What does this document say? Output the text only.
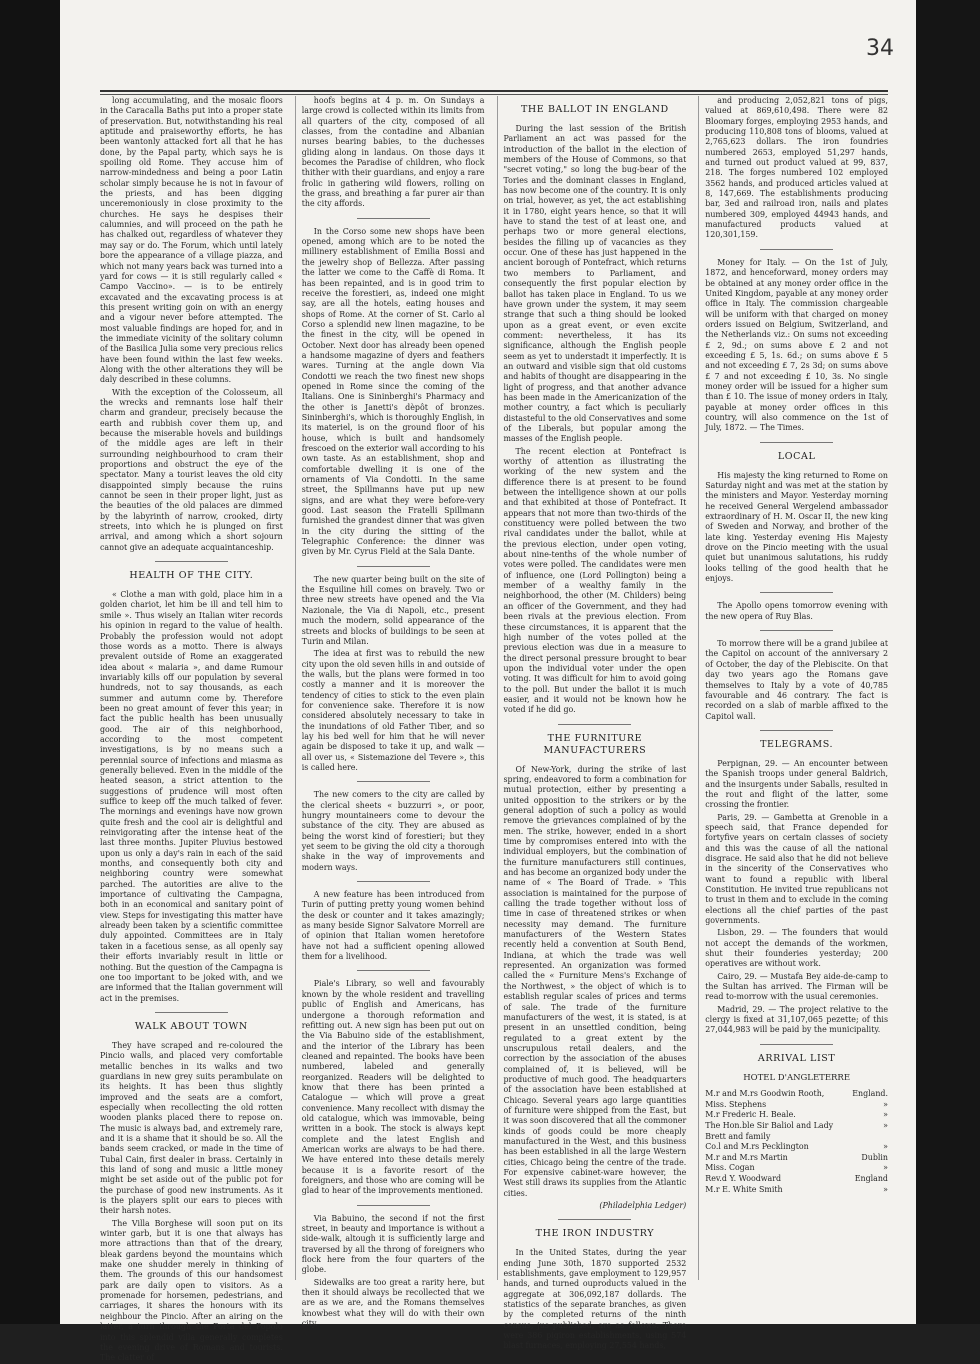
34

long accumulating, and the mosaic floors in the Caracalla Baths put into a proper state of preservation. But, notwithstanding his real aptitude and praiseworthy efforts, he has been wantonly attacked fort all that he has done, by the Papal party, which says he is spoiling old Rome. They accuse him of narrow-mindedness and being a poor Latin scholar simply because he is not in favour of the priests, and has been digging unceremoniously in close proximity to the churches. He says he despises their calumnies, and will proceed on the path he has chalked out, regardless of whatever they may say or do. The Forum, which until lately bore the appearance of a village piazza, and which not many years back was turned into a yard for cows — it is still regularly called « Campo Vaccino». — is to be entirely excavated and the excavating process is at this present writing goin on with an energy and a vigour never before attempted. The most valuable findings are hoped for, and in the immediate vicinity of the solitary column of the Basilica Julia some very precious relics have been found within the last few weeks. Along with the other alterations they will be daly described in these columns.

With the exception of the Colosseum, all the wrecks and remnants lose half their charm and grandeur, precisely because the earth and rubbish cover them up, and because the miserable hovels and buildings of the middle ages are left in their surrounding neighbourhood to cram their proportions and obstruct the eye of the spectator. Many a tourist leaves the old city disappointed simply because the ruins cannot be seen in their proper light, just as the beauties of the old palaces are dimmed by the labyrinth of narrow, crooked, dirty streets, into which he is plunged on first arrival, and among which a short sojourn cannot give an adequate acquaintanceship.

HEALTH OF THE CITY.

« Clothe a man with gold, place him in a golden chariot, let him be ill and tell him to smile ». Thus wisely an Italian witer records his opinion in regard to the value of health. Probably the profession would not adopt those words as a motto. There is always prevalent outside of Rome an exaggerated idea about « malaria », and dame Rumour invariably kills off our population by several hundreds, not to say thousands, as each summer and autumn come by. Therefore been no great amount of fever this year; in fact the public health has been unusually good. The air of this neighborhood, according to the most competent investigations, is by no means such a perennial source of infections and miasma as generally believed. Even in the middle of the heated season, a strict attention to the suggestions of prudence will most often suffice to keep off the much talked of fever. The mornings and evenings have now grown quite fresh and the cool air is delightful and reinvigorating after the intense heat of the last three months. Jupiter Pluvius bestowed upon us only a day's rain in each of the said months, and consequently both city and neighboring country were somewhat parched. The autorities are alive to the importance of cultivating the Campagna, both in an economical and sanitary point of view. Steps for investigating this matter have already been taken by a scientific committee duly appointed. Committees are in Italy taken in a facetious sense, as all openly say their efforts invariably result in little or nothing. But the question of the Campagna is one too important to be joked with, and we are informed that the Italian government will act in the premises.

WALK ABOUT TOWN

They have scraped and re-coloured the Pincio walls, and placed very comfortable metallic benches in its walks and two guardians in new grey suits perambulate on its heights. It has been thus slightly improved and the seats are a comfort, especially when recollecting the old rotten wooden planks placed there to repose on. The music is always bad, and extremely rare, and it is a shame that it should be so. All the bands seem cracked, or made in the time of Tubal Cain, first dealer in brass. Certainly in this land of song and music a little money might be set aside out of the public pot for the purchase of good new instruments. As it is the players split our ears to pieces with their harsh notes.

The Villa Borghese will soon put on its winter garb, but it is one that always has more attractions than that of the dreary, bleak gardens beyond the mountains which make one shudder merely in thinking of them. The grounds of this our handsomest park are daily open to visitors. As a promenade for horsemen, pedestrians, and carriages, it shares the honours with its neighbour the Pincio. After an airing on the latter, a turn through the Porta del Popolo into this splendid villa generally completes the evening drive of Romans and tourists. The clatter of

hoofs begins at 4 p. m. On Sundays a large crowd is collected within its limits from all quarters of the city, composed of all classes, from the contadine and Albanian nurses bearing babies, to the duchesses gliding along in landaus. On those days it becomes the Paradise of children, who flock thither with their guardians, and enjoy a rare frolic in gathering wild flowers, rolling on the grass, and breathing a far purer air than the city affords.

In the Corso some new shops have been opened, among which are to be noted the millinery establishment of Emilia Bossi and the jewelry shop of Bellezza. After passing the latter we come to the Caffè di Roma. It has been repainted, and is in good trim to receive the forestieri, as, indeed one might say, are all the hotels, eating houses and shops of Rome. At the corner of St. Carlo al Corso a splendid new linen magazine, to be the finest in the city, will be opened in October. Next door has already been opened a handsome magazine of dyers and feathers wares. Turning at the angle down Via Condotti we reach the two finest new shops opened in Rome since the coming of the Italians. One is Sininberghi's Pharmacy and the other is Janetti's dèpôt of bronzes. Sininberghi's, which is thoroughly English, in its materiel, is on the ground floor of his house, which is built and handsomely frescoed on the exterior wall according to his own taste. As an establishment, shop and comfortable dwelling it is one of the ornaments of Via Condotti. In the same street, the Spillmanns have put up new signs, and are what they were before-very good. Last season the Fratelli Spillmann furnished the grandest dinner that was given in the city during the sitting of the Telegraphic Conference: the dinner was given by Mr. Cyrus Field at the Sala Dante.

The new quarter being built on the site of the Esquiline hill comes on bravely. Two or three new streets have opened and the Via Nazionale, the Via di Napoli, etc., present much the modern, solid appearance of the streets and blocks of buildings to be seen at Turin and Milan.

The idea at first was to rebuild the new city upon the old seven hills in and outside of the walls, but the plans were formed in too costly a manner and it is moreover the tendency of cities to stick to the even plain for convenience sake. Therefore it is now considered absolutely necessary to take in the inundations of old Father Tiber, and so lay his bed well for him that he will never again be disposed to take it up, and walk — all over us, « Sistemazione del Tevere », this is called here.

The new comers to the city are called by the clerical sheets « buzzurri », or poor, hungry mountaineers come to devour the substance of the city. They are abused as being the worst kind of forestieri; but they yet seem to be giving the old city a thorough shake in the way of improvements and modern ways.

A new feature has been introduced from Turin of putting pretty young women behind the desk or counter and it takes amazingly; as many beside Signor Salvatore Morrell are of opinion that Italian women heretofore have not had a sufficient opening allowed them for a livelihood.

Piale's Library, so well and favourably known by the whole resident and travelling public of English and Americans, has undergone a thorough reformation and refitting out. A new sign has been put out on the Via Babuino side of the establishment, and the interior of the Library has been cleaned and repainted. The books have been numbered, labeled and generally reorganized. Readers will be delighted to know that there has been printed a Catalogue — which will prove a great convenience. Many recollect with dismay the old catalogue, which was immovable, being written in a book. The stock is always kept complete and the latest English and American works are always to be had there. We have entered into these details merely because it is a favorite resort of the foreigners, and those who are coming will be glad to hear of the improvements mentioned.

Via Babuino, the second if not the first street, in beauty and importance is without a side-walk, altough it is sufficiently large and traversed by all the throng of foreigners who flock here from the four quarters of the globe.

Sidewalks are too great a rarity here, but then it should always be recollected that we are as we are, and the Romans themselves knowbest what they will do with their own city.

THE BALLOT IN ENGLAND

During the last session of the British Parliament an act was passed for the introduction of the ballot in the election of members of the House of Commons, so that "secret voting," so long the bug-bear of the Tories and the dominant classes in England, has now become one of the country. It is only on trial, however, as yet, the act establishing it in 1780, eight years hence, so that it will have to stand the test of at least one, and perhaps two or more general elections, besides the filling up of vacancies as they occur. One of these has just happened in the ancient borough of Pontefract, which returns two members to Parliament, and consequently the first popular election by ballot has taken place in England. To us we have grown under the system, it may seem strange that such a thing should be looked upon as a great event, or even excite comment: nevertheless, it has its significance, although the English people seem as yet to understadt it imperfectly. It is an outward and visible sign that old customs and habits of thought are disappearing in the light of progress, and that another advance has been made in the Americanization of the mother country, a fact which is peculiarly distasteful to the old Conservatives and some of the Liberals, but popular among the masses of the English people.

The recent election at Pontefract is worthy of attention as illustrating the working of the new system and the difference there is at present to be found between the intelligence shown at our polls and that exhibited at those of Pontefract. It appears that not more than two-thirds of the constituency were polled between the two rival candidates under the ballot, while at the previous election, under open voting, about nine-tenths of the whole number of votes were polled. The candidates were men of influence, one (Lord Pollington) being a member of a wealthy family in the neighborhood, the other (M. Childers) being an officer of the Government, and they had been rivals at the previous election. From these circumstances, it is apparent that the high number of the votes polled at the previous election was due in a measure to the direct personal pressure brought to bear upon the individual voter under the open voting. It was difficult for him to avoid going to the poll. But under the ballot it is much easier, and it would not be known how he voted if he did go.

THE FURNITURE MANUFACTURERS

Of New-York, during the strike of last spring, endeavored to form a combination for mutual protection, either by presenting a united opposition to the strikers or by the general adoption of such a policy as would remove the grievances complained of by the men. The strike, however, ended in a short time by compromises entered into with the individual employers, but the combination of the furniture manufacturers still continues, and has become an organized body under the name of « The Board of Trade. » This association is maintained for the purpose of calling the trade together without loss of time in case of threatened strikes or when necessity may demand. The furniture manufacturers of the Western States recently held a convention at South Bend, Indiana, at which the trade was well represented. An organization was formed called the « Furniture Mens's Exchange of the Northwest, » the object of which is to establish regular scales of prices and terms of sale. The trade of the furniture manufacturers of the west, it is stated, is at present in an unsettled condition, being regulated to a great extent by the unscrupulous retail dealers, and the correction by the association of the abuses complained of, it is believed, will be productive of much good. The headquarters of the association have been established at Chicago. Several years ago large quantities of furniture were shipped from the East, but it was soon discovered that all the commoner kinds of goods could be more cheaply manufactured in the West, and this business has been established in all the large Western cities, Chicago being the centre of the trade. For expensive cabinet-ware however, the West still draws its supplies from the Atlantic cities.

(Philadelphia Ledger)
THE IRON INDUSTRY

In the United States, during the year ending June 30th, 1870 supported 2532 establishments, gave employment to 129,957 hands, and turned ouproducts valued in the aggregate at 306,092,187 dollards. The statistics of the separate branches, as given by the completed returns of the ninth census, jus published, are as follows. There were 386 pigiron establishments, using 574 blast furnaces, employing 27,554 hands,

and producing 2,052,821 tons of pigs, valued at 869,610,498. There were 82 Bloomary forges, employing 2953 hands, and producing 110,808 tons of blooms, valued at 2,765,623 dollars. The iron foundries numbered 2653, employed 51,297 hands, and turned out product valued at 99, 837, 218. The forges numbered 102 employed 3562 hands, and produced articles valued at 8, 147,669. The establishments producing bar, 3ed and railroad iron, nails and plates numbered 309, employed 44943 hands, and manufactured products valued at 120,301,159.

Money for Italy. — On the 1st of July, 1872, and henceforward, money orders may be obtained at any money order office in the United Kingdom, payable at any money order office in Italy. The commission chargeable will be uniform with that charged on money orders issued on Belgium, Switzerland, and the Netherlands viz.: On sums not exceeding £ 2, 9d.; on sums above £ 2 and not exceeding £ 5, 1s. 6d.; on sums above £ 5 and not exceeding £ 7, 2s 3d; on sums above £ 7 and not exceeding £ 10, 3s. No single money order will be issued for a higher sum than £ 10. The issue of money orders in Italy, payable at money order offices in this country, will also commence on the 1st of July, 1872. — The Times.

LOCAL

His majesty the king returned to Rome on Saturday night and was met at the station by the ministers and Mayor. Yesterday morning he received General Wergelend ambassador extraordinary of H. M. Oscar II, the new king of Sweden and Norway, and brother of the late king. Yesterday evening His Majesty drove on the Pincio meeting with the usual quiet but unanimous salutations, his ruddy looks telling of the good health that he enjoys.

The Apollo opens tomorrow evening with the new opera of Ruy Blas.

To morrow there will be a grand jubilee at the Capitol on account of the anniversary 2 of October, the day of the Plebiscite. On that day two years ago the Romans gave themselves to Italy by a vote of 40,785 favourable and 46 contrary. The fact is recorded on a slab of marble affixed to the Capitol wall.

TELEGRAMS.

Perpignan, 29. — An encounter between the Spanish troops under general Baldrich, and the insurgents under Saballs, resulted in the rout and flight of the latter, some crossing the frontier.

Paris, 29. — Gambetta at Grenoble in a speech said, that France depended for fortyfive years on certain classes of society and this was the cause of all the national disgrace. He said also that he did not believe in the sincerity of the Conservatives who want to found a republic with liberal Constitution. He invited true republicans not to trust in them and to exclude in the coming elections all the chief parties of the past governments.

Lisbon, 29. — The founders that would not accept the demands of the workmen, shut their founderies yesterday; 200 operatives are without work.

Cairo, 29. — Mustafa Bey aide-de-camp to the Sultan has arrived. The Firman will be read to-morrow with the usual ceremonies.

Madrid, 29. — The project relative to the clergy is fixed at 31,107,065 pezette; of this 27,044,983 will be paid by the municipality.

ARRIVAL LIST
HOTEL D'ANGLETERRE
M.r and M.rs Goodwin Rooth,	England.
Miss. Stephens	»
M.r Frederic H. Beale.	»
The Hon.ble Sir Baliol and Lady	»
Brett and family	
Co.l and M.rs Pecklington	»
M.r and M.rs Martin	Dublin
Miss. Cogan	»
Rev.d Y. Woodward	England
M.r E. White Smith	»
